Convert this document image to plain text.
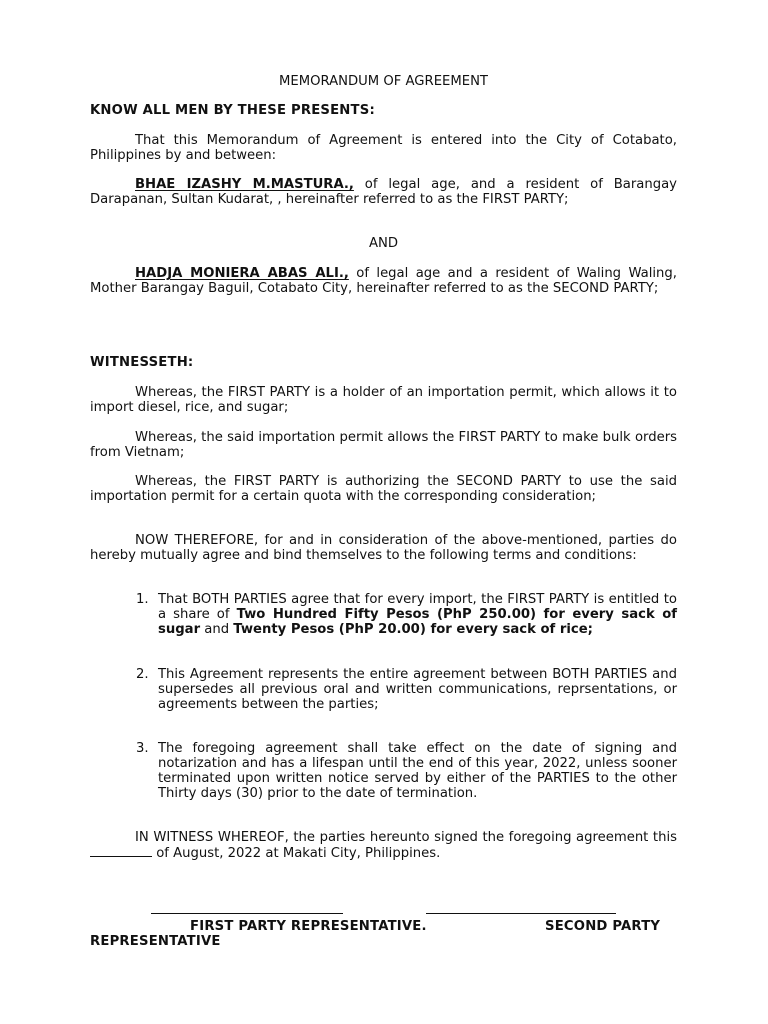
MEMORANDUM OF AGREEMENT
KNOW ALL MEN BY THESE PRESENTS:

That this Memorandum of Agreement is entered into the City of Cotabato, Philippines by and between:

BHAE IZASHY M.MASTURA., of legal age, and a resident of Barangay Darapanan, Sultan Kudarat, , hereinafter referred to as the FIRST PARTY;

AND

HADJA MONIERA ABAS ALI., of legal age and a resident of Waling Waling, Mother Barangay Baguil, Cotabato City, hereinafter referred to as the SECOND PARTY;

WITNESSETH:

Whereas, the FIRST PARTY is a holder of an importation permit, which allows it to import diesel, rice, and sugar;

Whereas, the said importation permit allows the FIRST PARTY to make bulk orders from Vietnam;

Whereas, the FIRST PARTY is authorizing the SECOND PARTY to use the said importation permit for a certain quota with the corresponding consideration;

NOW THEREFORE, for and in consideration of the above-mentioned, parties do hereby mutually agree and bind themselves to the following terms and conditions:

1. That BOTH PARTIES agree that for every import, the FIRST PARTY is entitled to a share of Two Hundred Fifty Pesos (PhP 250.00) for every sack of sugar and Twenty Pesos (PhP 20.00) for every sack of rice;
2. This Agreement represents the entire agreement between BOTH PARTIES and supersedes all previous oral and written communications, reprsentations, or agreements between the parties;
3. The foregoing agreement shall take effect on the date of signing and notarization and has a lifespan until the end of this year, 2022, unless sooner terminated upon written notice served by either of the PARTIES to the other Thirty days (30) prior to the date of termination.

IN WITNESS WHEREOF, the parties hereunto signed the foregoing agreement this  of August, 2022 at Makati City, Philippines.

FIRST PARTY REPRESENTATIVE.	SECOND PARTY
REPRESENTATIVE
